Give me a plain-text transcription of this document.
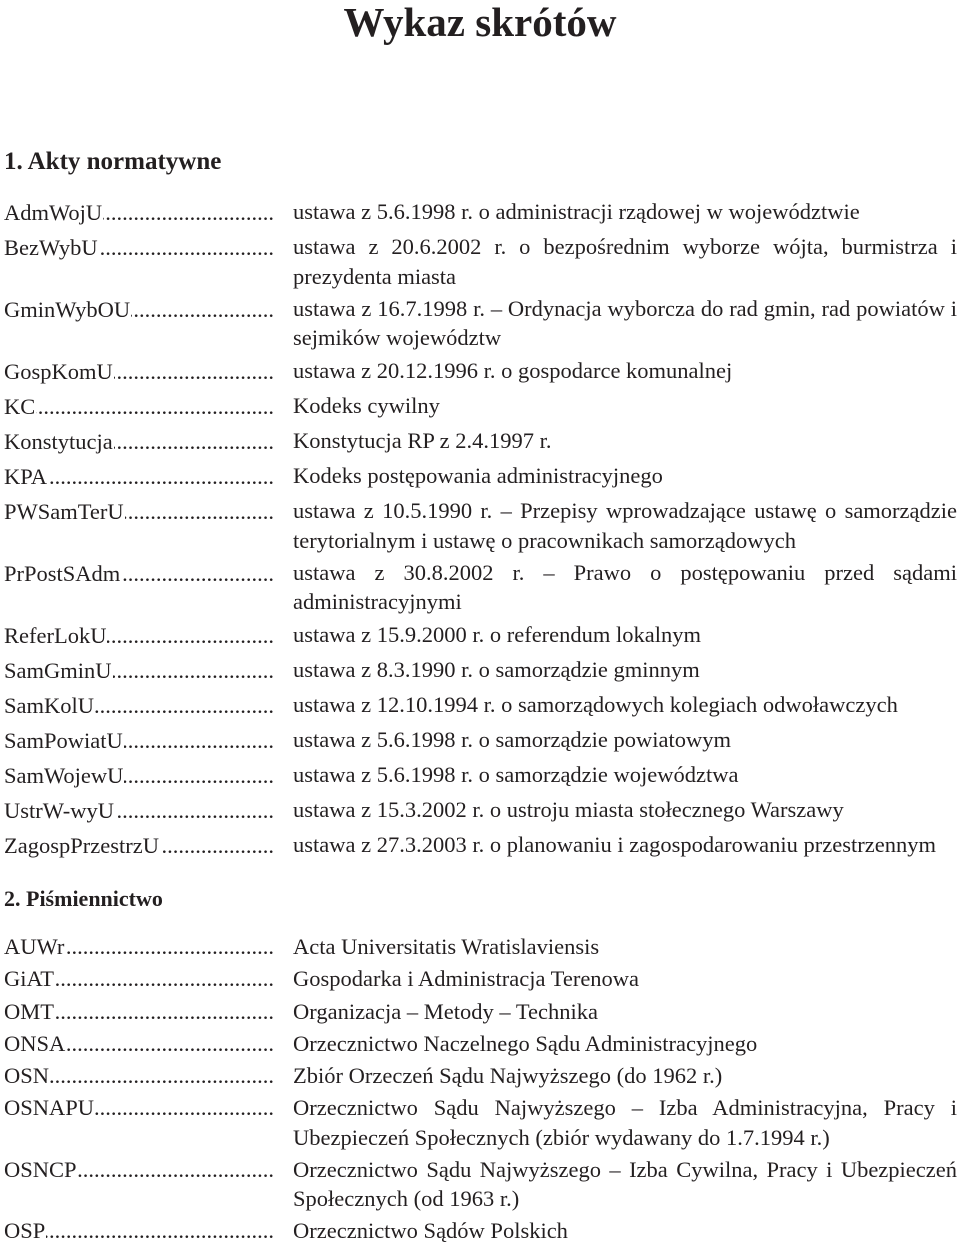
Wykaz skrótów
1. Akty normatywne
AdmWojU .....	ustawa z 5.6.1998 r. o administracji rządowej w województwie
BezWybU .....	ustawa z 20.6.2002 r. o bezpośrednim wyborze wójta, burmistrza i prezydenta miasta
GminWybOU .....	ustawa z 16.7.1998 r. – Ordynacja wyborcza do rad gmin, rad powiatów i sejmików województw
GospKomU .....	ustawa z 20.12.1996 r. o gospodarce komunalnej
KC .....	Kodeks cywilny
Konstytucja .....	Konstytucja RP z 2.4.1997 r.
KPA .....	Kodeks postępowania administracyjnego
PWSamTerU .....	ustawa z 10.5.1990 r. – Przepisy wprowadzające ustawę o samorządzie terytorialnym i ustawę o pracownikach samorządowych
PrPostSAdm .....	ustawa z 30.8.2002 r. – Prawo o postępowaniu przed sądami administracyjnymi
ReferLokU .....	ustawa z 15.9.2000 r. o referendum lokalnym
SamGminU .....	ustawa z 8.3.1990 r. o samorządzie gminnym
SamKolU .....	ustawa z 12.10.1994 r. o samorządowych kolegiach odwoławczych
SamPowiatU .....	ustawa z 5.6.1998 r. o samorządzie powiatowym
SamWojewU .....	ustawa z 5.6.1998 r. o samorządzie województwa
UstrW-wyU .....	ustawa z 15.3.2002 r. o ustroju miasta stołecznego Warszawy
ZagospPrzestrzU .....	ustawa z 27.3.2003 r. o planowaniu i zagospodarowaniu przestrzennym
2. Piśmiennictwo
AUWr .....	Acta Universitatis Wratislaviensis
GiAT .....	Gospodarka i Administracja Terenowa
OMT .....	Organizacja – Metody – Technika
ONSA .....	Orzecznictwo Naczelnego Sądu Administracyjnego
OSN .....	Zbiór Orzeczeń Sądu Najwyższego (do 1962 r.)
OSNAPU .....	Orzecznictwo Sądu Najwyższego – Izba Administracyjna, Pracy i Ubezpieczeń Społecznych (zbiór wydawany do 1.7.1994 r.)
OSNCP .....	Orzecznictwo Sądu Najwyższego – Izba Cywilna, Pracy i Ubezpieczeń Społecznych (od 1963 r.)
OSP .....	Orzecznictwo Sądów Polskich
